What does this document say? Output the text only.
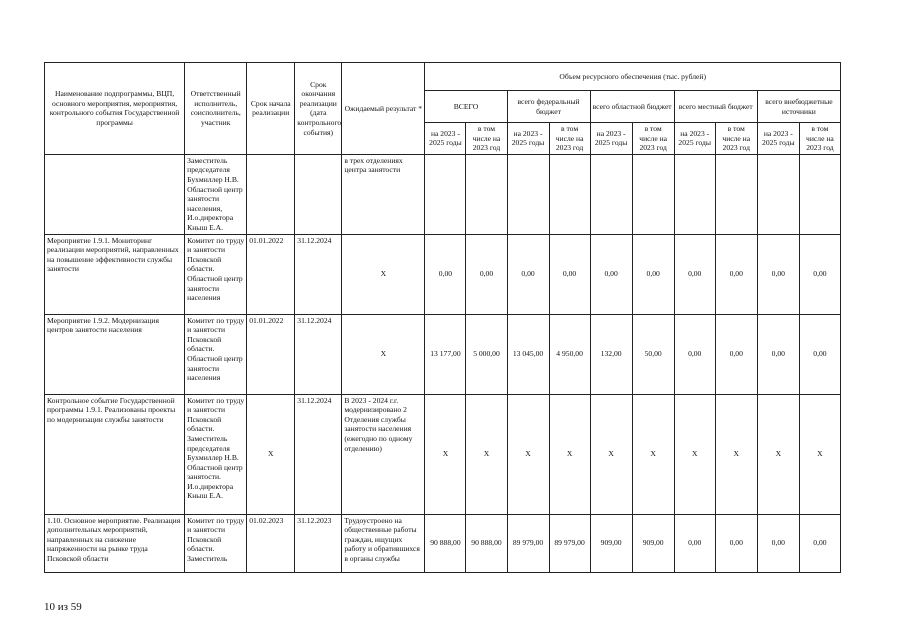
Наименование подпрограммы, ВЦП, основного мероприятия, мероприятия, контрольного события Государственной программы	Ответственный исполнитель, соисполнитель, участник	Срок начала реализации	Срок окончания реализации (дата контрольного события)	Ожидаемый результат *	Объем ресурсного обеспечения (тыс. рублей)									
					ВСЕГО		всего федеральный бюджет		всего областной бюджет		всего местный бюджет		всего внебюджетные источники	
					на 2023 - 2025 годы	в том числе на 2023 год	на 2023 - 2025 годы	в том числе на 2023 год	на 2023 - 2025 годы	в том числе на 2023 год	на 2023 - 2025 годы	в том числе на 2023 год	на 2023 - 2025 годы	в том числе на 2023 год
	Заместитель председателя Бухмиллер Н.В. Областной центр занятости населения, И.о.директора Кныш Е.А.			в трех отделениях центра занятости										
Мероприятие 1.9.1. Мониторинг реализации мероприятий, направленных на повышение эффективности службы занятости	Комитет по труду и занятости Псковской области. Областной центр занятости населения	01.01.2022	31.12.2024	Х	0,00	0,00	0,00	0,00	0,00	0,00	0,00	0,00	0,00	0,00
Мероприятие 1.9.2. Модернизация центров занятости населения	Комитет по труду и занятости Псковской области. Областной центр занятости населения	01.01.2022	31.12.2024	Х	13 177,00	5 000,00	13 045,00	4 950,00	132,00	50,00	0,00	0,00	0,00	0,00
Контрольное событие Государственной программы 1.9.1. Реализованы проекты по модернизации службы занятости	Комитет по труду и занятости Псковской области. Заместитель председателя Бухмиллер Н.В. Областной центр занятости. И.о.директора Кныш Е.А.	Х	31.12.2024	В 2023 - 2024 г.г. модернизировано 2 Отделения службы занятости населения (ежегодно по одному отделению)	Х	Х	Х	Х	Х	Х	Х	Х	Х	Х
1.10. Основное мероприятие. Реализация дополнительных мероприятий, направленных на снижение напряженности на рынке труда Псковской области	Комитет по труду и занятости Псковской области. Заместитель	01.02.2023	31.12.2023	Трудоустроено на общественные работы граждан, ищущих работу и обратившихся в органы службы	90 888,00	90 888,00	89 979,00	89 979,00	909,00	909,00	0,00	0,00	0,00	0,00
10 из 59
